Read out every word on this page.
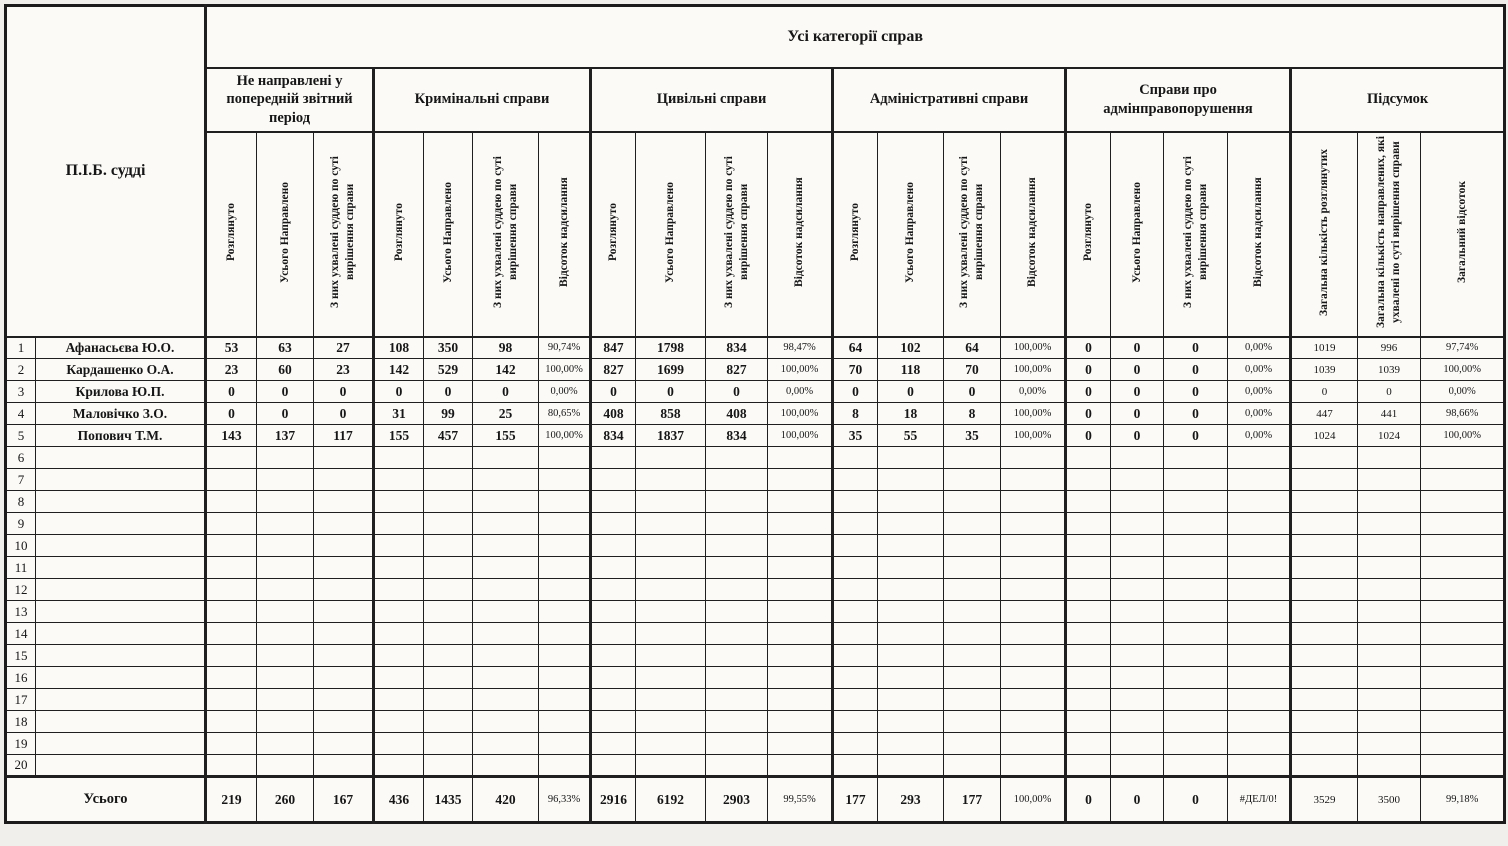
П.І.Б. судді		Усі категорії справ																					
		Не направлені у попередній звітний період			Кримінальні справи				Цивільні справи				Адміністративні справи				Справи про адмінправопорушення				Підсумок		
		Розглянуто	Усього Направлено	З них ухвалені суддею по суті вирішення справи	Розглянуто	Усього Направлено	З них ухвалені суддею по суті вирішення справи	Відсоток надсилання	Розглянуто	Усього Направлено	З них ухвалені суддею по суті вирішення справи	Відсоток надсилання	Розглянуто	Усього Направлено	З них ухвалені суддею по суті вирішення справи	Відсоток надсилання	Розглянуто	Усього Направлено	З них ухвалені суддею по суті вирішення справи	Відсоток надсилання	Загальна кількість розглянутих	Загальна кількість направлених, які ухвалені по суті вирішення справи	Загальний відсоток
1	Афанасьєва Ю.О.	53	63	27	108	350	98	90,74%	847	1798	834	98,47%	64	102	64	100,00%	0	0	0	0,00%	1019	996	97,74%
2	Кардашенко О.А.	23	60	23	142	529	142	100,00%	827	1699	827	100,00%	70	118	70	100,00%	0	0	0	0,00%	1039	1039	100,00%
3	Крилова Ю.П.	0	0	0	0	0	0	0,00%	0	0	0	0,00%	0	0	0	0,00%	0	0	0	0,00%	0	0	0,00%
4	Маловічко З.О.	0	0	0	31	99	25	80,65%	408	858	408	100,00%	8	18	8	100,00%	0	0	0	0,00%	447	441	98,66%
5	Попович Т.М.	143	137	117	155	457	155	100,00%	834	1837	834	100,00%	35	55	35	100,00%	0	0	0	0,00%	1024	1024	100,00%
6																							
7																							
8																							
9																							
10																							
11																							
12																							
13																							
14																							
15																							
16																							
17																							
18																							
19																							
20																							
Усього		219	260	167	436	1435	420	96,33%	2916	6192	2903	99,55%	177	293	177	100,00%	0	0	0	#ДЕЛ/0!	3529	3500	99,18%
